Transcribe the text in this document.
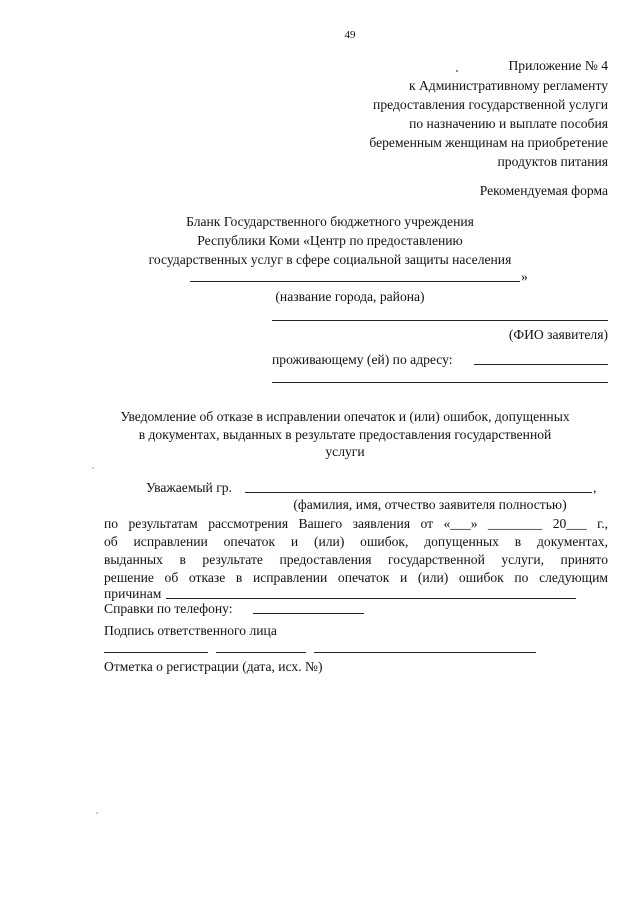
49
Приложение № 4
к Административному регламенту
предоставления государственной услуги
по назначению и выплате пособия
беременным женщинам на приобретение
продуктов питания
Рекомендуемая форма
Бланк Государственного бюджетного учреждения
Республики Коми «Центр по предоставлению
государственных услуг в сфере социальной защиты населения
»
(название города, района)
(ФИО заявителя)
проживающему (ей) по адресу:
Уведомление об отказе в исправлении опечаток и (или) ошибок, допущенных
в документах, выданных в результате предоставления государственной
услуги
Уважаемый гр.	,
(фамилия, имя, отчество заявителя полностью)
по результатам рассмотрения Вашего заявления от «___» ________ 20___ г.,
об исправлении опечаток и (или) ошибок, допущенных в документах,
выданных в результате предоставления государственной услуги, принято
решение об отказе в исправлении опечаток и (или) ошибок по следующим
причинам
Справки по телефону:
Подпись ответственного лица
Отметка о регистрации (дата, исх. №)
